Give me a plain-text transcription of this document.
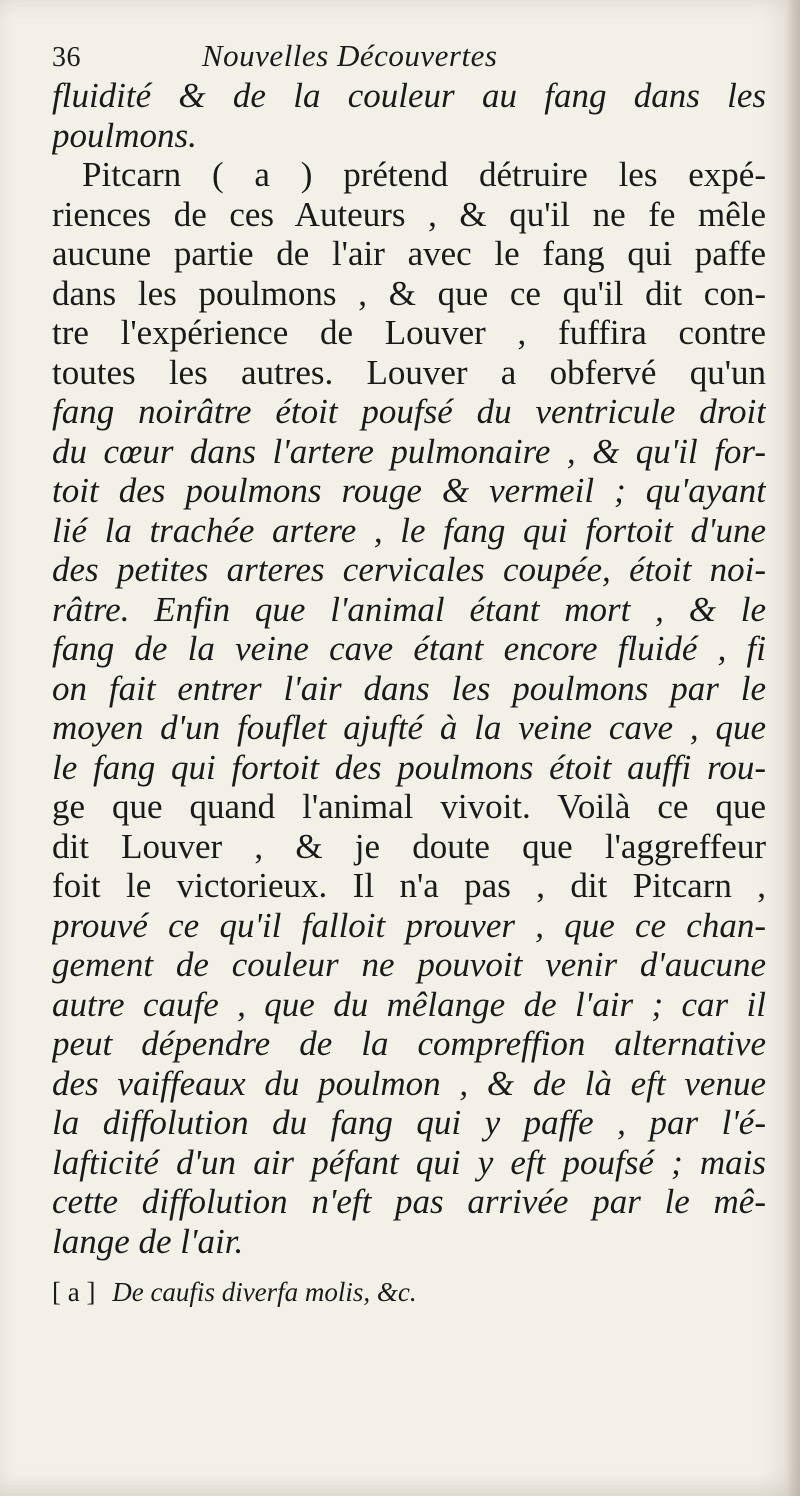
36	Nouvelles Découvertes
fluidité & de la couleur au fang dans les
poulmons.
Pitcarn ( a ) prétend détruire les expé-
riences de ces Auteurs , & qu'il ne fe mêle
aucune partie de l'air avec le fang qui paffe
dans les poulmons , & que ce qu'il dit con-
tre l'expérience de Louver , fuffira contre
toutes les autres. Louver a obfervé qu'un
fang noirâtre étoit poufsé du ventricule droit
du cœur dans l'artere pulmonaire , & qu'il for-
toit des poulmons rouge & vermeil ; qu'ayant
lié la trachée artere , le fang qui fortoit d'une
des petites arteres cervicales coupée, étoit noi-
râtre. Enfin que l'animal étant mort , & le
fang de la veine cave étant encore fluidé , fi
on fait entrer l'air dans les poulmons par le
moyen d'un fouflet ajufté à la veine cave , que
le fang qui fortoit des poulmons étoit auffi rou-
ge que quand l'animal vivoit. Voilà ce que
dit Louver , & je doute que l'aggreffeur
foit le victorieux. Il n'a pas , dit Pitcarn ,
prouvé ce qu'il falloit prouver , que ce chan-
gement de couleur ne pouvoit venir d'aucune
autre caufe , que du mêlange de l'air ; car il
peut dépendre de la compreffion alternative
des vaiffeaux du poulmon , & de là eft venue
la diffolution du fang qui y paffe , par l'é-
lafticité d'un air péfant qui y eft poufsé ; mais
cette diffolution n'eft pas arrivée par le mê-
lange de l'air.
[ a ] De caufis diverfa molis, &c.
